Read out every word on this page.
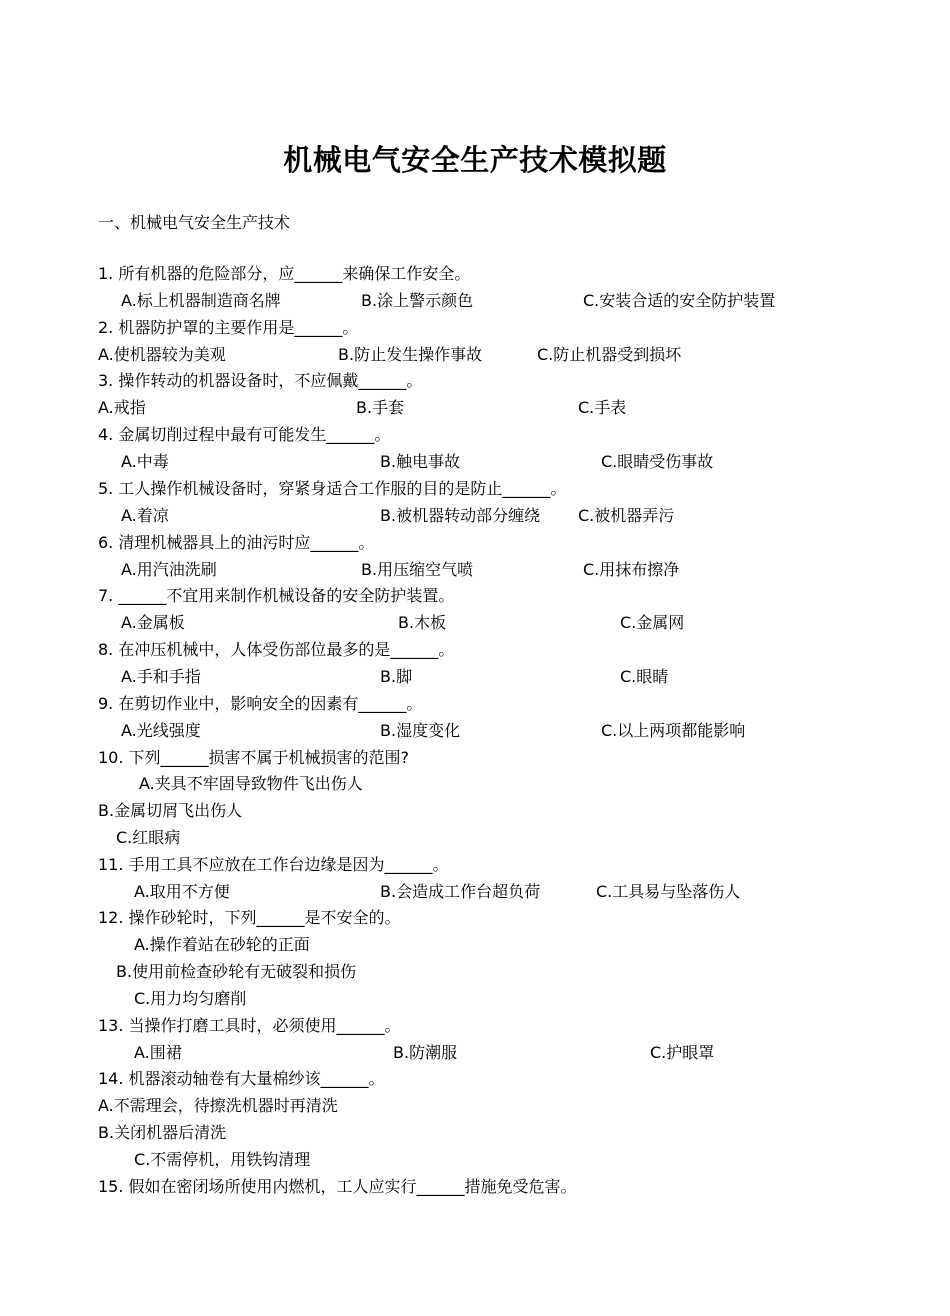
机械电气安全生产技术模拟题
一、机械电气安全生产技术
1. 所有机器的危险部分，应______来确保工作安全。
A.标上机器制造商名牌	B.涂上警示颜色	C.安装合适的安全防护装置
2. 机器防护罩的主要作用是______。
A.使机器较为美观	B.防止发生操作事故	C.防止机器受到损坏
3. 操作转动的机器设备时，不应佩戴______。
A.戒指	B.手套	C.手表
4. 金属切削过程中最有可能发生______。
A.中毒	B.触电事故	C.眼睛受伤事故
5. 工人操作机械设备时，穿紧身适合工作服的目的是防止______。
A.着凉	B.被机器转动部分缠绕 C.被机器弄污
6. 清理机械器具上的油污时应______。
A.用汽油洗刷	B.用压缩空气喷	C.用抹布擦净
7. ______不宜用来制作机械设备的安全防护装置。
A.金属板	B.木板	C.金属网
8. 在冲压机械中，人体受伤部位最多的是______。
A.手和手指	B.脚	C.眼睛
9. 在剪切作业中，影响安全的因素有______。
A.光线强度	B.湿度变化	C.以上两项都能影响
10. 下列______损害不属于机械损害的范围?
A.夹具不牢固导致物件飞出伤人
B.金属切屑飞出伤人
C.红眼病
11. 手用工具不应放在工作台边缘是因为______。
A.取用不方便	B.会造成工作台超负荷	C.工具易与坠落伤人
12. 操作砂轮时，下列______是不安全的。
A.操作着站在砂轮的正面
B.使用前检查砂轮有无破裂和损伤
C.用力均匀磨削
13. 当操作打磨工具时，必须使用______。
A.围裙	B.防潮服	C.护眼罩
14. 机器滚动轴卷有大量棉纱该______。
A.不需理会，待擦洗机器时再清洗
B.关闭机器后清洗
C.不需停机，用铁钩清理
15. 假如在密闭场所使用内燃机，工人应实行______措施免受危害。
